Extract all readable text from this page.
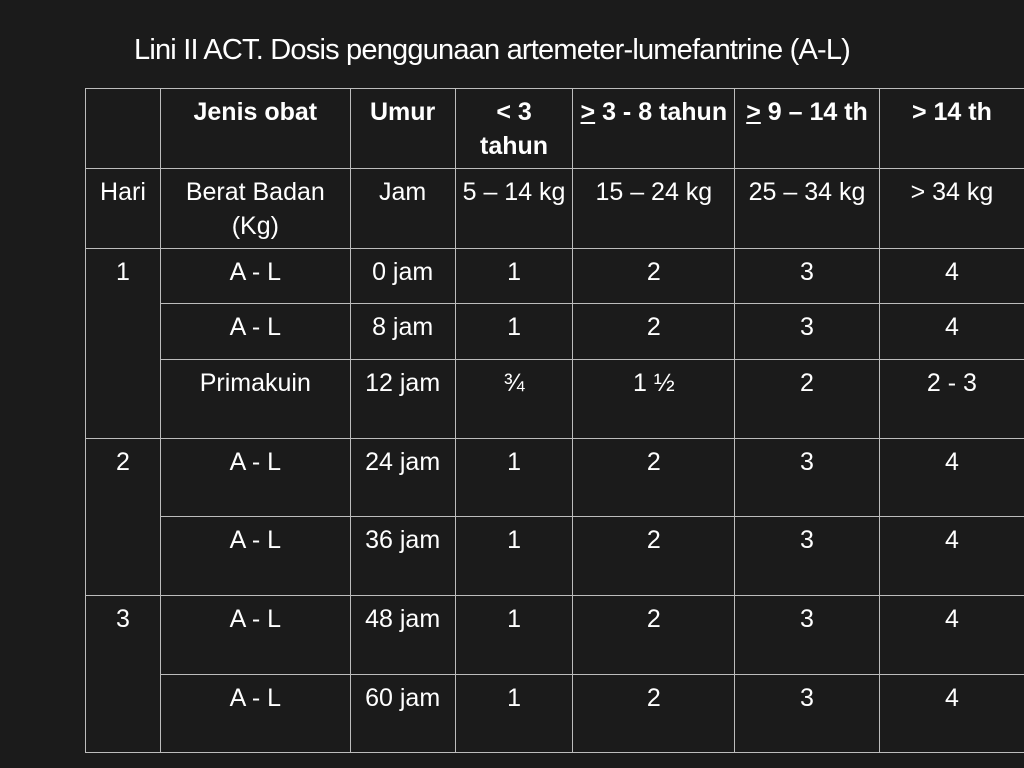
Lini II ACT. Dosis penggunaan artemeter-lumefantrine (A-L)
	Jenis obat	Umur	< 3 tahun	> 3 - 8 tahun	> 9 – 14 th	> 14 th
Hari	Berat Badan (Kg)	Jam	5 – 14 kg	15 – 24 kg	25 – 34 kg	> 34 kg
1	A - L	0 jam	1	2	3	4
	A - L	8 jam	1	2	3	4
	Primakuin	12 jam	¾	1 ½	2	2 - 3
2	A - L	24 jam	1	2	3	4
	A - L	36 jam	1	2	3	4
3	A - L	48 jam	1	2	3	4
	A - L	60 jam	1	2	3	4
